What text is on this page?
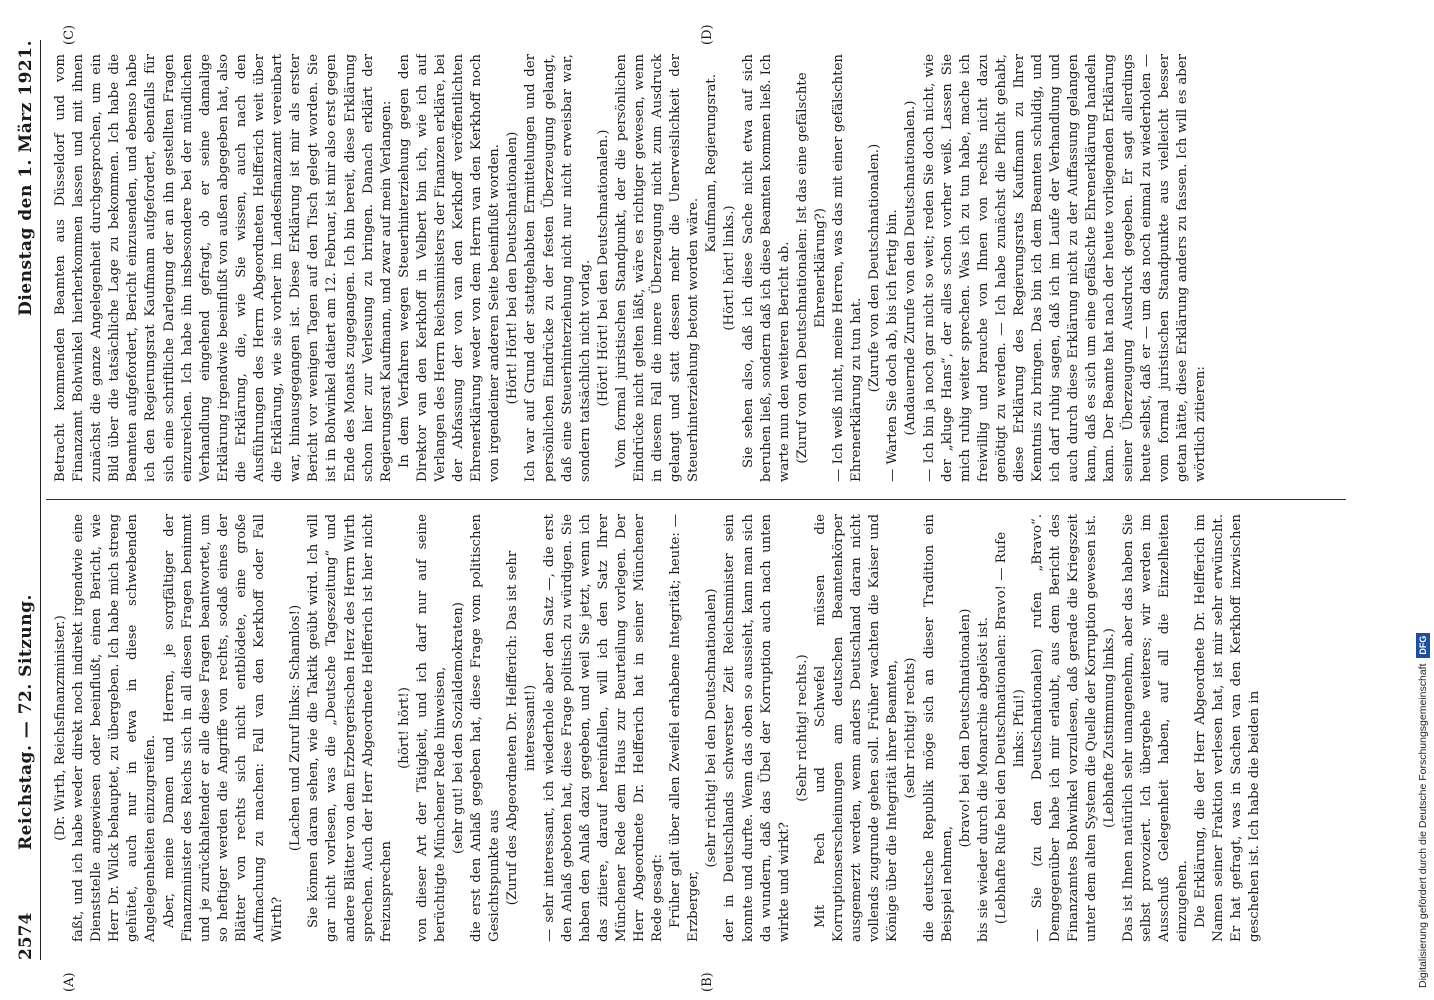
2574
Reichstag. — 72. Sitzung.
Dienstag den 1. März 1921.
(A)	(B)
(C)	(D)

(Dr. Wirth, Reichsfinanzminister.) faßt, und ich habe weder direkt noch indirekt irgendwie eine Dienststelle angewiesen oder beeinflußt, einen Bericht, wie Herr Dr. Wilck behauptet, zu übergeben. Ich habe mich streng gehütet, auch nur in etwa in diese schwebenden Angelegenheiten einzugreifen. Aber, meine Damen und Herren, je sorgfältiger der Finanzminister des Reichs sich in all diesen Fragen benimmt und je zurückhaltender er alle diese Fragen beantwortet, um so heftiger werden die Angriffe von rechts, sodaß eines der Blätter von rechts sich nicht entblödete, eine große Aufmachung zu machen: Fall van den Kerkhoff oder Fall Wirth?

(Lachen und Zuruf links: Schamlos!) Sie können daran sehen, wie die Taktik geübt wird. Ich will gar nicht vorlesen, was die „Deutsche Tageszeitung“ und andere Blätter von dem Erzbergerischen Herz des Herrn Wirth sprechen. Auch der Herr Abgeordnete Helfferich ist hier nicht freizusprechen

(hört! hört!) von dieser Art der Tätigkeit, und ich darf nur auf seine berüchtigte Münchener Rede hinweisen, (sehr gut! bei den Sozialdemokraten) die erst den Anlaß gegeben hat, diese Frage vom politischen Gesichtspunkte aus (Zuruf des Abgeordneten Dr. Helfferich: Das ist sehr interessant!) — sehr interessant, ich wiederhole aber den Satz —, die erst den Anlaß geboten hat, diese Frage politisch zu würdigen. Sie haben den Anlaß dazu gegeben, und weil Sie jetzt, wenn ich das zitiere, darauf hereinfallen, will ich den Satz Ihrer Münchener Rede dem Haus zur Beurteilung vorlegen. Der Herr Abgeordnete Dr. Helfferich hat in seiner Münchener Rede gesagt: Früher galt über allen Zweifel erhabene Integrität; heute: — Erzberger,

(sehr richtig! bei den Deutschnationalen) der in Deutschlands schwerster Zeit Reichsminister sein konnte und durfte. Wenn das oben so aussieht, kann man sich da wundern, daß das Übel der Korruption auch nach unten wirkte und wirkt?

(Sehr richtig! rechts.) Mit Pech und Schwefel müssen die Korruptionserscheinungen am deutschen Beamtenkörper ausgemerzt werden, wenn anders Deutschland daran nicht vollends zugrunde gehen soll. Früher wachten die Kaiser und Könige über die Integrität ihrer Beamten, (sehr richtig! rechts) die deutsche Republik möge sich an dieser Tradition ein Beispiel nehmen,

(bravo! bei den Deutschnationalen) bis sie wieder durch die Monarchie abgelöst ist. (Lebhafte Rufe bei den Deutschnationalen: Bravo! — Rufe links: Pfui!) — Sie (zu den Deutschnationalen) rufen „Bravo“. Demgegenüber habe ich mir erlaubt, aus dem Bericht des Finanzamtes Bohwinkel vorzulesen, daß gerade die Kriegszeit unter dem alten System die Quelle der Korruption gewesen ist. (Lebhafte Zustimmung links.) Das ist Ihnen natürlich sehr unangenehm, aber das haben Sie selbst provoziert. Ich übergehe weiteres; wir werden im Ausschuß Gelegenheit haben, auf all die Einzelheiten einzugehen. Die Erklärung, die der Herr Abgeordnete Dr. Helfferich im Namen seiner Fraktion verlesen hat, ist mir sehr erwünscht. Er hat gefragt, was in Sachen van den Kerkhoff inzwischen geschehen ist. Ich habe die beiden in

Betracht kommenden Beamten aus Düsseldorf und vom Finanzamt Bohwinkel hierherkommen lassen und mit ihnen zunächst die ganze Angelegenheit durchgesprochen, um ein Bild über die tatsächliche Lage zu bekommen. Ich habe die Beamten aufgefordert, Bericht einzusenden, und ebenso habe ich den Regierungsrat Kaufmann aufgefordert, ebenfalls für sich eine schriftliche Darlegung der an ihn gestellten Fragen einzureichen. Ich habe ihn insbesondere bei der mündlichen Verhandlung eingehend gefragt, ob er seine damalige Erklärung irgendwie beeinflußt von außen abgegeben hat, also die Erklärung, die, wie Sie wissen, auch nach den Ausführungen des Herrn Abgeordneten Helfferich weit über die Erklärung, wie sie vorher im Landesfinanzamt vereinbart war, hinausgegangen ist. Diese Erklärung ist mir als erster Bericht vor wenigen Tagen auf den Tisch gelegt worden. Sie ist in Bohwinkel datiert am 12. Februar, ist mir also erst gegen Ende des Monats zugegangen. Ich bin bereit, diese Erklärung schon hier zur Verlesung zu bringen. Danach erklärt der Regierungsrat Kaufmann, und zwar auf mein Verlangen: In dem Verfahren wegen Steuerhinterziehung gegen den Direktor van den Kerkhoff in Velbert bin ich, wie ich auf Verlangen des Herrn Reichsministers der Finanzen erkläre, bei der Abfassung der von van den Kerkhoff veröffentlichten Ehrenerklärung weder von dem Herrn van den Kerkhoff noch von irgendeiner anderen Seite beeinflußt worden. (Hört! Hört! bei den Deutschnationalen) Ich war auf Grund der stattgehabten Ermittelungen und der persönlichen Eindrücke zu der festen Überzeugung gelangt, daß eine Steuerhinterziehung nicht nur nicht erweisbar war, sondern tatsächlich nicht vorlag. (Hört! Hört! bei den Deutschnationalen.) Vom formal juristischen Standpunkt, der die persönlichen Eindrücke nicht gelten läßt, wäre es richtiger gewesen, wenn in diesem Fall die innere Überzeugung nicht zum Ausdruck gelangt und statt dessen mehr die Unerweislichkeit der Steuerhinterziehung betont worden wäre.

Kaufmann, Regierungsrat.

(Hört! hört! links.) Sie sehen also, daß ich diese Sache nicht etwa auf sich beruhen ließ, sondern daß ich diese Beamten kommen ließ. Ich warte nun den weiteren Bericht ab. (Zuruf von den Deutschnationalen: Ist das eine gefälschte Ehrenerklärung?) — Ich weiß nicht, meine Herren, was das mit einer gefälschten Ehrenerklärung zu tun hat. (Zurufe von den Deutschnationalen.) — Warten Sie doch ab, bis ich fertig bin. (Andauernde Zurufe von den Deutschnationalen.) — Ich bin ja noch gar nicht so weit; reden Sie doch nicht, wie der „kluge Hans“, der alles schon vorher weiß. Lassen Sie mich ruhig weiter sprechen. Was ich zu tun habe, mache ich freiwillig und brauche von Ihnen von rechts nicht dazu genötigt zu werden. — Ich habe zunächst die Pflicht gehabt, diese Erklärung des Regierungsrats Kaufmann zu Ihrer Kenntnis zu bringen. Das bin ich dem Beamten schuldig, und ich darf ruhig sagen, daß ich im Laufe der Verhandlung und auch durch diese Erklärung nicht zu der Auffassung gelangen kann, daß es sich um eine gefälschte Ehrenerklärung handeln kann. Der Beamte hat nach der heute vorliegenden Erklärung seiner Überzeugung Ausdruck gegeben. Er sagt allerdings heute selbst, daß er — um das noch einmal zu wiederholen — vom formal juristischen Standpunkte aus vielleicht besser getan hätte, diese Erklärung anders zu fassen. Ich will es aber wörtlich zitieren:

Digitalisierung gefördert durch die Deutsche Forschungsgemeinschaft DFG
